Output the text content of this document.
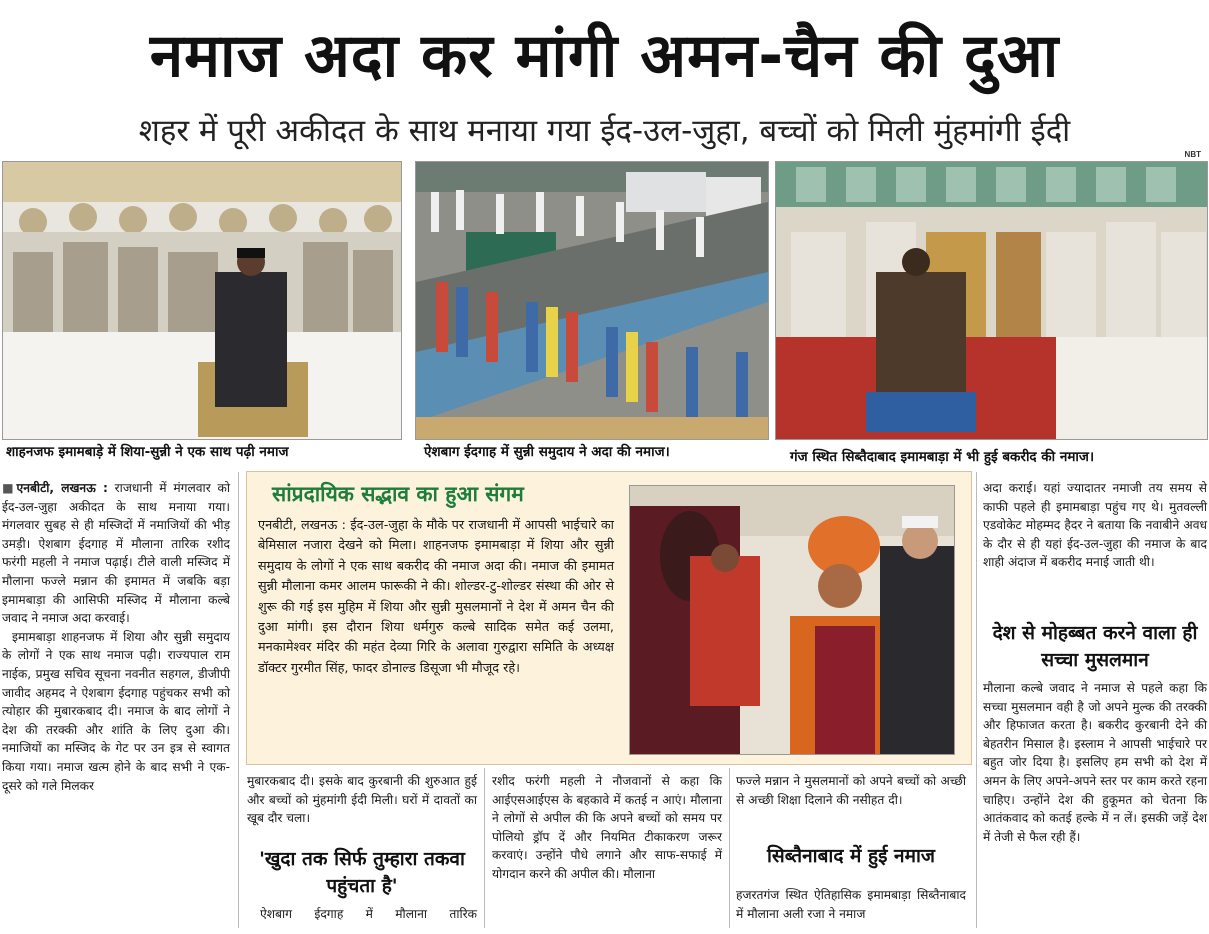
नमाज अदा कर मांगी अमन-चैन की दुआ
शहर में पूरी अकीदत के साथ मनाया गया ईद-उल-जुहा, बच्चों को मिली मुंहमांगी ईदी
NBT
शाहनजफ इमामबाड़े में शिया-सुन्नी ने एक साथ पढ़ी नमाज	ऐशबाग ईदगाह में सुन्नी समुदाय ने अदा की नमाज।	गंज स्थित सिब्तैदाबाद इमामबाड़ा में भी हुई बकरीद की नमाज।

■एनबीटी, लखनऊ : राजधानी में मंगलवार को ईद-उल-जुहा अकीदत के साथ मनाया गया। मंगलवार सुबह से ही मस्जिदों में नमाजियों की भीड़ उमड़ी। ऐशबाग ईदगाह में मौलाना तारिक रशीद फरंगी महली ने नमाज पढ़ाई। टीले वाली मस्जिद में मौलाना फज्ले मन्नान की इमामत में जबकि बड़ा इमामबाड़ा की आसिफी मस्जिद में मौलाना कल्बे जवाद ने नमाज अदा करवाई।

इमामबाड़ा शाहनजफ में शिया और सुन्नी समुदाय के लोगों ने एक साथ नमाज पढ़ी। राज्यपाल राम नाईक, प्रमुख सचिव सूचना नवनीत सहगल, डीजीपी जावीद अहमद ने ऐशबाग ईदगाह पहुंचकर सभी को त्योहार की मुबारकबाद दी। नमाज के बाद लोगों ने देश की तरक्की और शांति के लिए दुआ की। नमाजियों का मस्जिद के गेट पर उन इत्र से स्वागत किया गया। नमाज खत्म होने के बाद सभी ने एक-दूसरे को गले मिलकर

सांप्रदायिक सद्भाव का हुआ संगम
एनबीटी, लखनऊ : ईद-उल-जुहा के मौके पर राजधानी में आपसी भाईचारे का बेमिसाल नजारा देखने को मिला। शाहनजफ इमामबाड़ा में शिया और सुन्नी समुदाय के लोगों ने एक साथ बकरीद की नमाज अदा की। नमाज की इमामत सुन्नी मौलाना कमर आलम फारूकी ने की। शोल्डर-टु-शोल्डर संस्था की ओर से शुरू की गई इस मुहिम में शिया और सुन्नी मुसलमानों ने देश में अमन चैन की दुआ मांगी। इस दौरान शिया धर्मगुरु कल्बे सादिक समेत कई उलमा, मनकामेश्वर मंदिर की महंत देव्या गिरि के अलावा गुरुद्वारा समिति के अध्यक्ष डॉक्टर गुरमीत सिंह, फादर डोनाल्ड डिसूजा भी मौजूद रहे।

मुबारकबाद दी। इसके बाद कुरबानी की शुरुआत हुई और बच्चों को मुंहमांगी ईदी मिली। घरों में दावतों का खूब दौर चला।

'खुदा तक सिर्फ तुम्हारा तकवा पहुंचता है'
ऐशबाग ईदगाह में मौलाना तारिक
रशीद फरंगी महली ने नौजवानों से कहा कि आईएसआईएस के बहकावे में कतई न आएं। मौलाना ने लोगों से अपील की कि अपने बच्चों को समय पर पोलियो ड्रॉप दें और नियमित टीकाकरण जरूर करवाएं। उन्होंने पौधे लगाने और साफ-सफाई में योगदान करने की अपील की। मौलाना
फज्ले मन्नान ने मुसलमानों को अपने बच्चों को अच्छी से अच्छी शिक्षा दिलाने की नसीहत दी।
सिब्तैनाबाद में हुई नमाज
हजरतगंज स्थित ऐतिहासिक इमामबाड़ा सिब्तैनाबाद में मौलाना अली रजा ने नमाज
अदा कराई। यहां ज्यादातर नमाजी तय समय से काफी पहले ही इमामबाड़ा पहुंच गए थे। मुतवल्ली एडवोकेट मोहम्मद हैदर ने बताया कि नवाबीने अवध के दौर से ही यहां ईद-उल-जुहा की नमाज के बाद शाही अंदाज में बकरीद मनाई जाती थी।
देश से मोहब्बत करने वाला ही सच्चा मुसलमान
मौलाना कल्बे जवाद ने नमाज से पहले कहा कि सच्चा मुसलमान वही है जो अपने मुल्क की तरक्की और हिफाजत करता है। बकरीद कुरबानी देने की बेहतरीन मिसाल है। इस्लाम ने आपसी भाईचारे पर बहुत जोर दिया है। इसलिए हम सभी को देश में अमन के लिए अपने-अपने स्तर पर काम करते रहना चाहिए। उन्होंने देश की हुकूमत को चेतना कि आतंकवाद को कतई हल्के में न लें। इसकी जड़ें देश में तेजी से फैल रही हैं।
